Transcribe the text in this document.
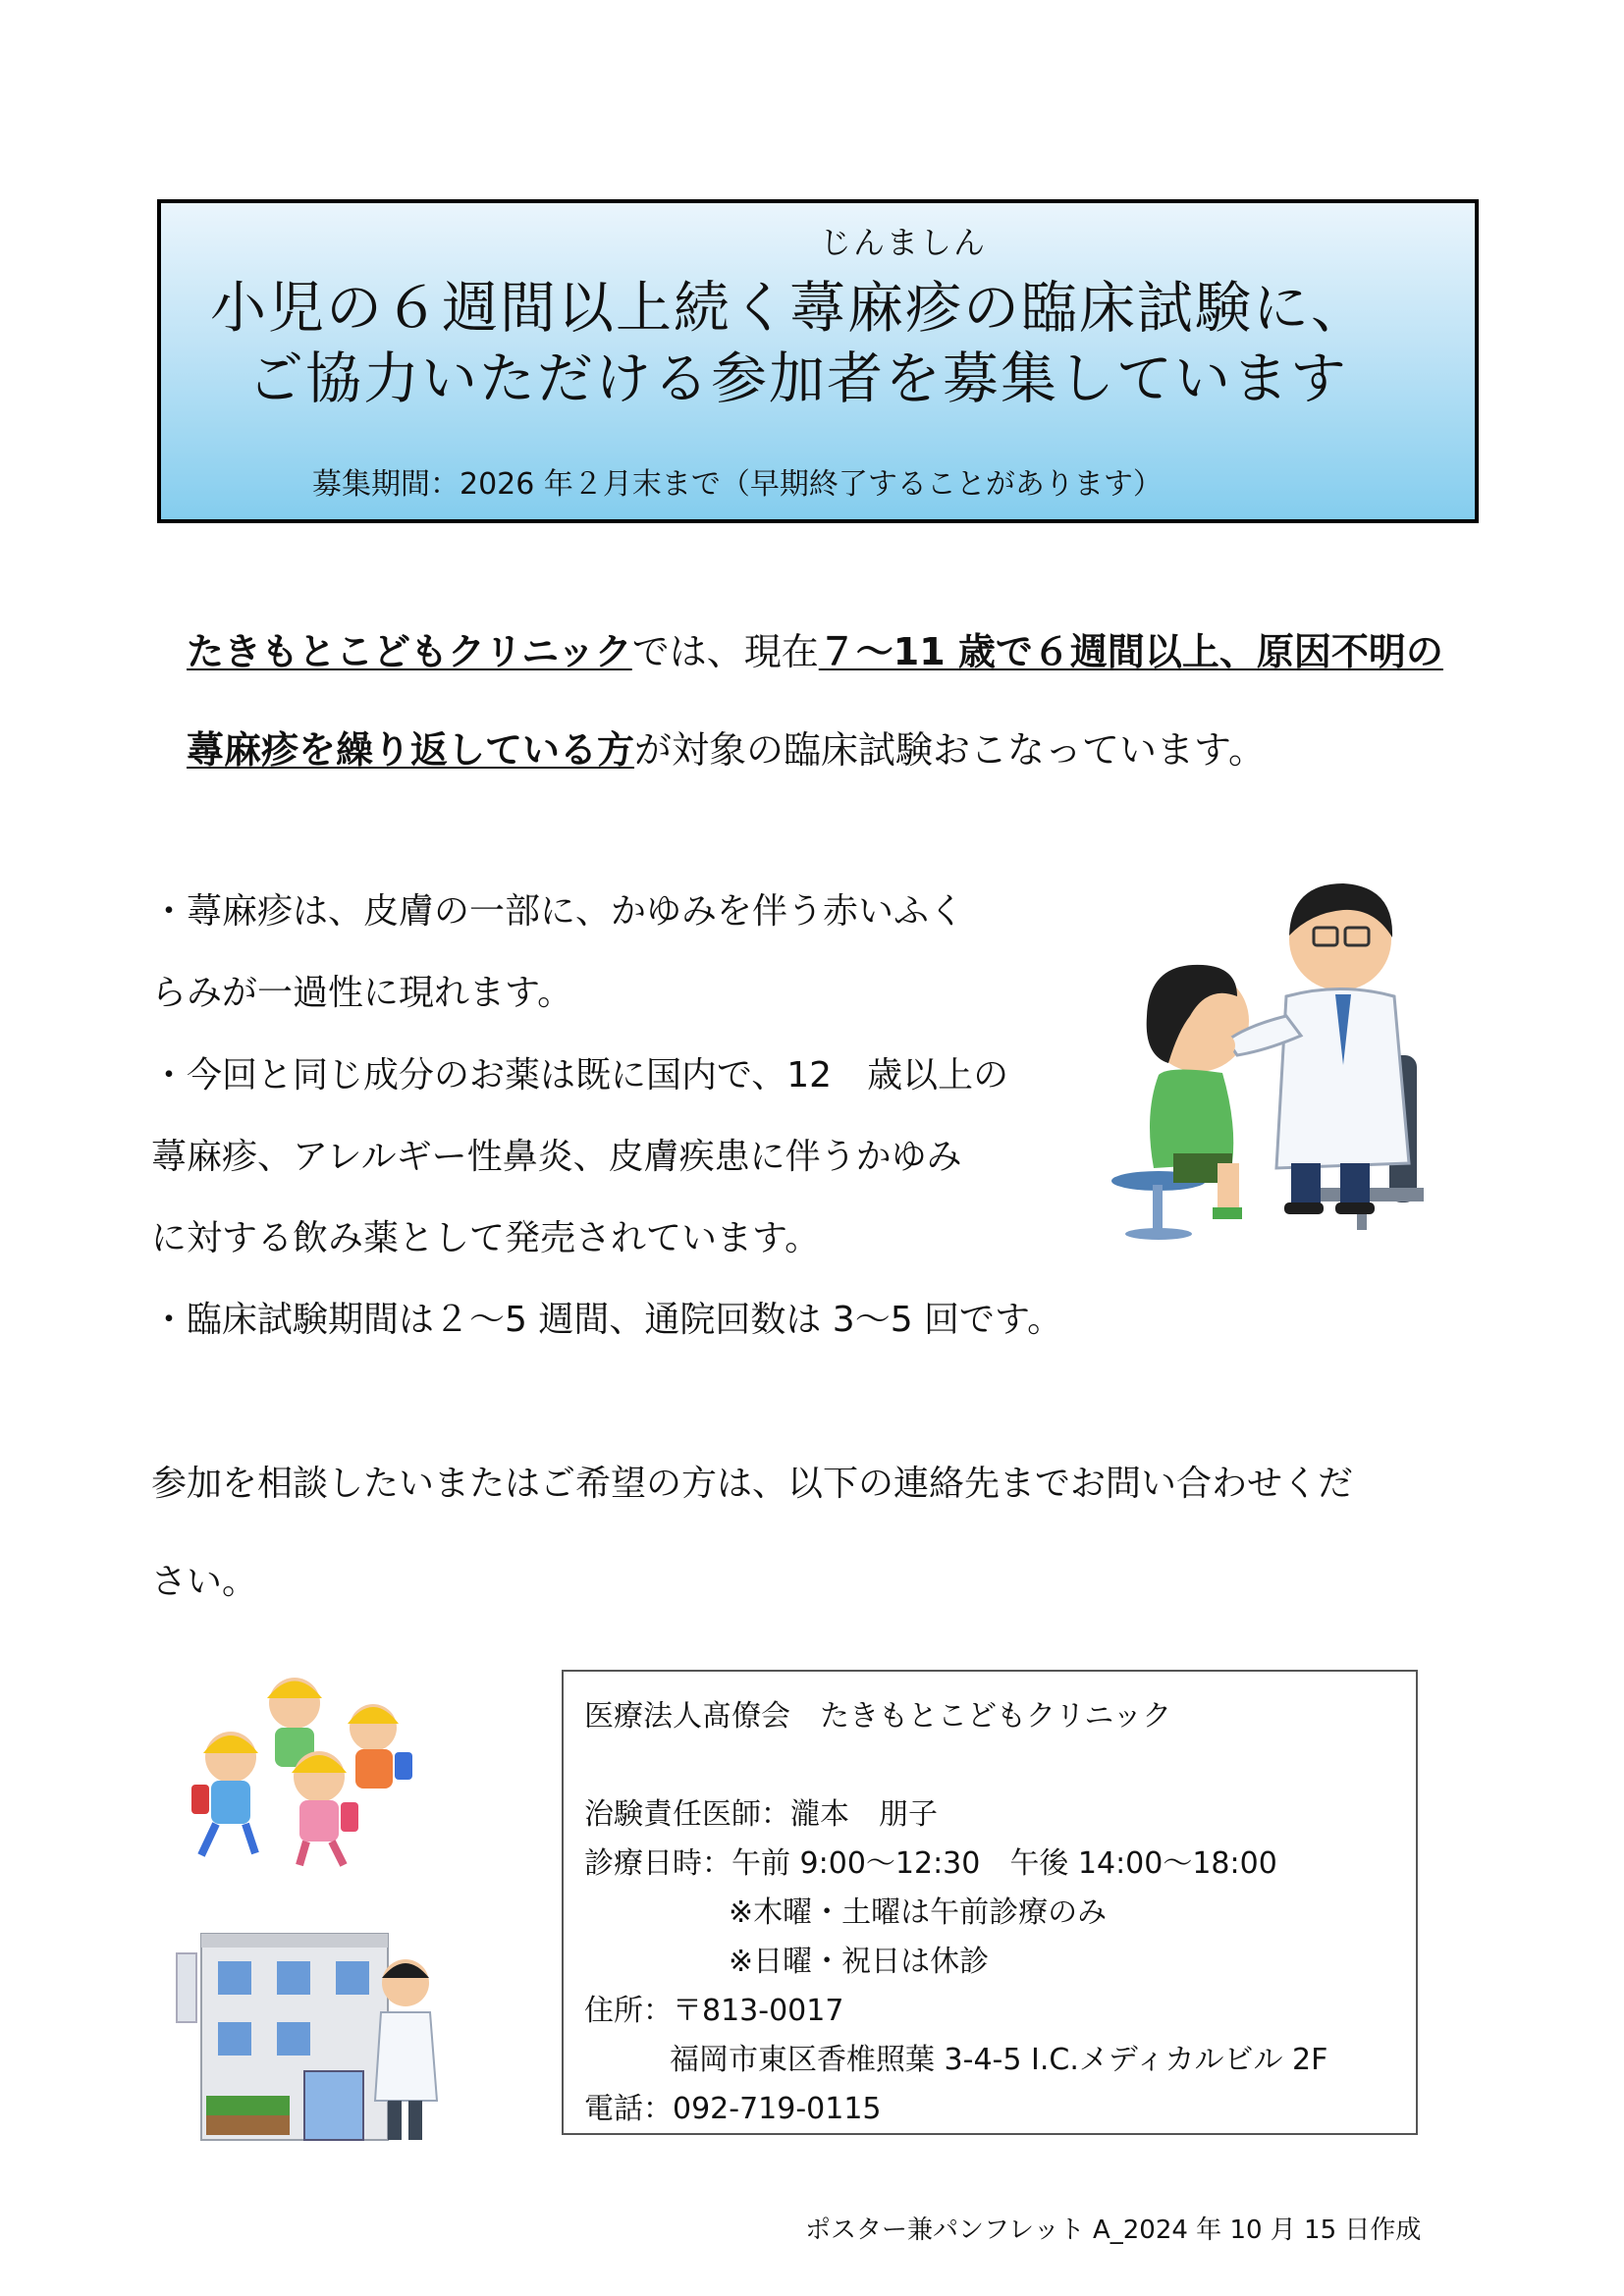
じんましん
小児の６週間以上続く蕁麻疹の臨床試験に、
ご協力いただける参加者を募集しています
募集期間：2026 年２月末まで（早期終了することがあります）
たきもとこどもクリニックでは、現在７～11 歳で６週間以上、原因不明の
蕁麻疹を繰り返している方が対象の臨床試験おこなっています。
・蕁麻疹は、皮膚の一部に、かゆみを伴う赤いふく
らみが一過性に現れます。
・今回と同じ成分のお薬は既に国内で、12　歳以上の
蕁麻疹、アレルギー性鼻炎、皮膚疾患に伴うかゆみ
に対する飲み薬として発売されています。
・臨床試験期間は２～5 週間、通院回数は 3～5 回です。
参加を相談したいまたはご希望の方は、以下の連絡先までお問い合わせくだ
さい。
医療法人髙僚会　たきもとこどもクリニック
治験責任医師：瀧本　朋子
診療日時：午前 9:00～12:30　午後 14:00～18:00
※木曜・土曜は午前診療のみ
※日曜・祝日は休診
住所：〒813-0017
福岡市東区香椎照葉 3-4-5 I.C.メディカルビル 2F
電話：092-719-0115
ポスター兼パンフレット A_2024 年 10 月 15 日作成
